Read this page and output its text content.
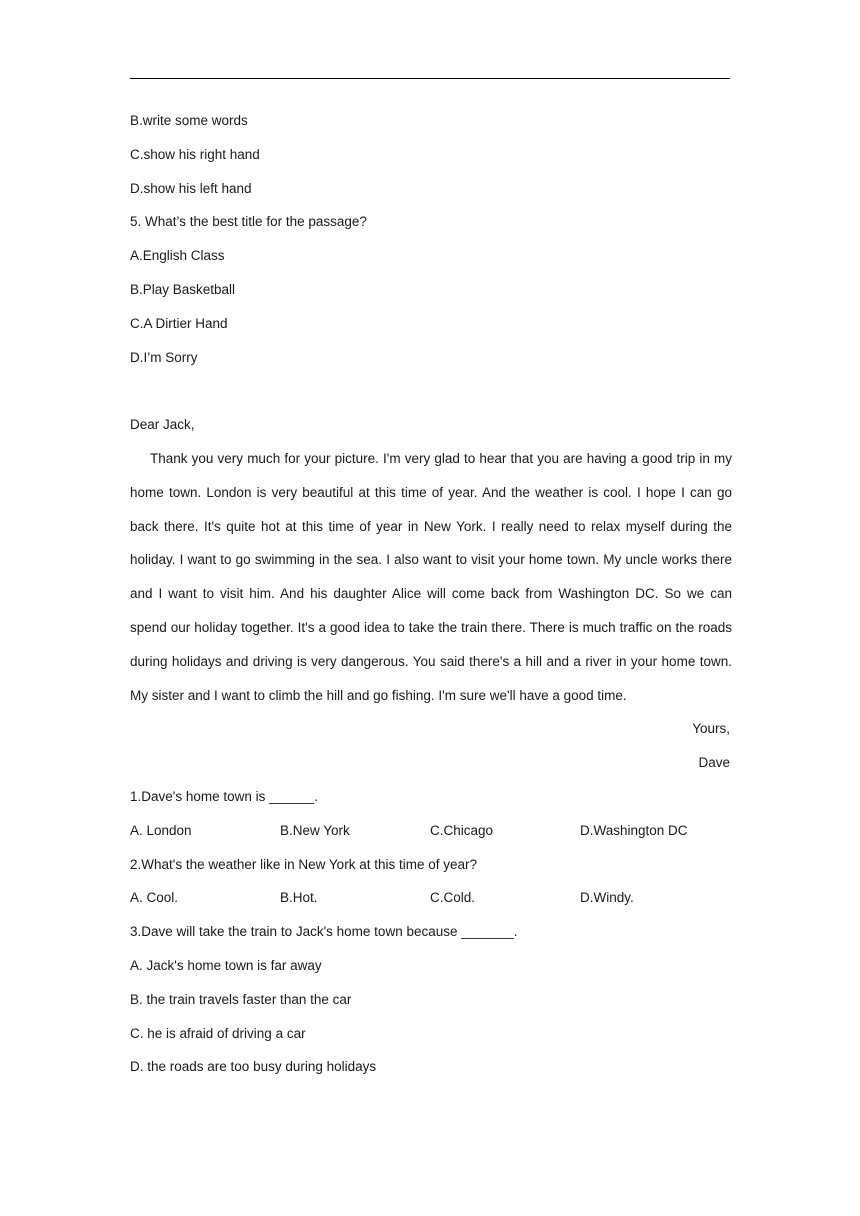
B.write some words

C.show his right hand

D.show his left hand

5. What’s the best title for the passage?

A.English Class

B.Play Basketball

C.A Dirtier Hand

D.I’m Sorry

Dear Jack,

Thank you very much for your picture. I'm very glad to hear that you are having a good trip in my home town. London is very beautiful at this time of year. And the weather is cool. I hope I can go back there. It's quite hot at this time of year in New York. I really need to relax myself during the holiday. I want to go swimming in the sea. I also want to visit your home town. My uncle works there and I want to visit him. And his daughter Alice will come back from Washington DC. So we can spend our holiday together. It's a good idea to take the train there. There is much traffic on the roads during holidays and driving is very dangerous. You said there's a hill and a river in your home town. My sister and I want to climb the hill and go fishing. I'm sure we'll have a good time.

Yours,

Dave

1.Dave's home town is ______.

A. London	B.New York	C.Chicago	D.Washington DC

2.What's the weather like in New York at this time of year?

A. Cool.	B.Hot.	C.Cold.	D.Windy.

3.Dave will take the train to Jack's home town because _______.

A. Jack's home town is far away

B. the train travels faster than the car

C. he is afraid of driving a car

D. the roads are too busy during holidays
